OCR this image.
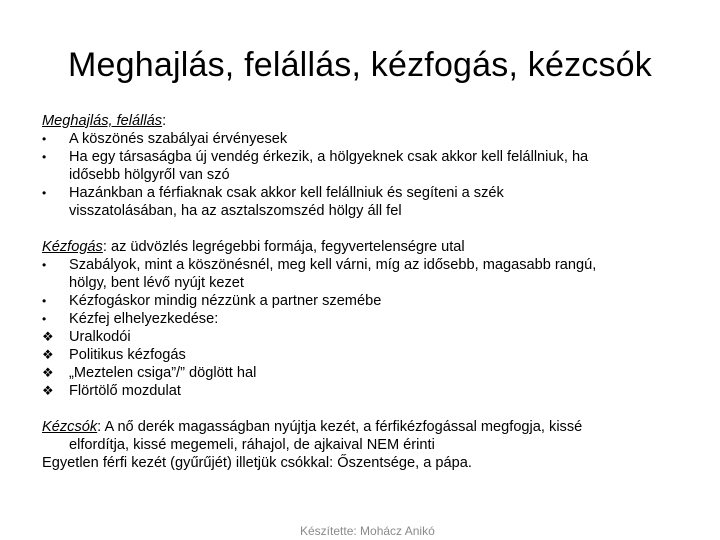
Meghajlás, felállás, kézfogás, kézcsók
Meghajlás, felállás:
•	A köszönés szabályai érvényesek
•	Ha egy társaságba új vendég érkezik, a hölgyeknek csak akkor kell felállniuk, ha
idősebb hölgyről van szó
•	Hazánkban a férfiaknak csak akkor kell felállniuk és segíteni a szék
visszatolásában, ha az asztalszomszéd hölgy áll fel
Kézfogás: az üdvözlés legrégebbi formája, fegyvertelenségre utal
•	Szabályok, mint a köszönésnél, meg kell várni, míg az idősebb, magasabb rangú,
hölgy, bent lévő nyújt kezet
•	Kézfogáskor mindig nézzünk a partner szemébe
•	Kézfej elhelyezkedése:
❖	Uralkodói
❖	Politikus kézfogás
❖	„Meztelen csiga”/” döglött hal
❖	Flörtölő mozdulat
Kézcsók: A nő derék magasságban nyújtja kezét, a férfikézfogással megfogja, kissé
elfordítja, kissé megemeli, ráhajol, de ajkaival NEM érinti
Egyetlen férfi kezét (gyűrűjét) illetjük csókkal: Őszentsége, a pápa.
Készítette: Mohácz Anikó
